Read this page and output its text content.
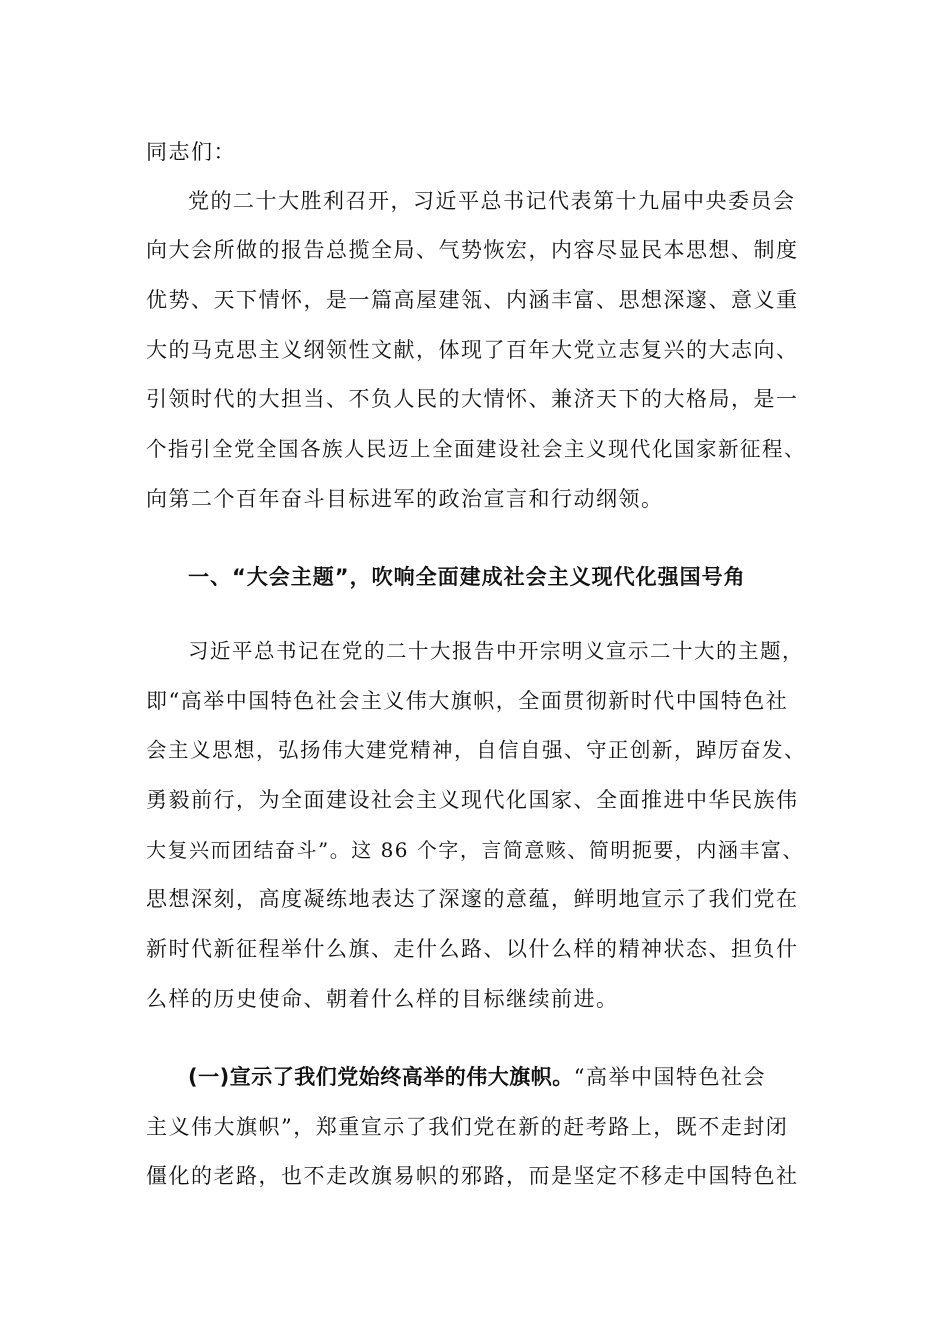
同志们：
党的二十大胜利召开，习近平总书记代表第十九届中央委员会
向大会所做的报告总揽全局、气势恢宏，内容尽显民本思想、制度
优势、天下情怀，是一篇高屋建瓴、内涵丰富、思想深邃、意义重
大的马克思主义纲领性文献，体现了百年大党立志复兴的大志向、
引领时代的大担当、不负人民的大情怀、兼济天下的大格局，是一
个指引全党全国各族人民迈上全面建设社会主义现代化国家新征程、
向第二个百年奋斗目标进军的政治宣言和行动纲领。
一、“大会主题”，吹响全面建成社会主义现代化强国号角
习近平总书记在党的二十大报告中开宗明义宣示二十大的主题，
即“高举中国特色社会主义伟大旗帜，全面贯彻新时代中国特色社
会主义思想，弘扬伟大建党精神，自信自强、守正创新，踔厉奋发、
勇毅前行，为全面建设社会主义现代化国家、全面推进中华民族伟
大复兴而团结奋斗”。这 86 个字，言简意赅、简明扼要，内涵丰富、
思想深刻，高度凝练地表达了深邃的意蕴，鲜明地宣示了我们党在
新时代新征程举什么旗、走什么路、以什么样的精神状态、担负什
么样的历史使命、朝着什么样的目标继续前进。
(一)宣示了我们党始终高举的伟大旗帜。“高举中国特色社会
主义伟大旗帜”，郑重宣示了我们党在新的赶考路上，既不走封闭
僵化的老路，也不走改旗易帜的邪路，而是坚定不移走中国特色社
